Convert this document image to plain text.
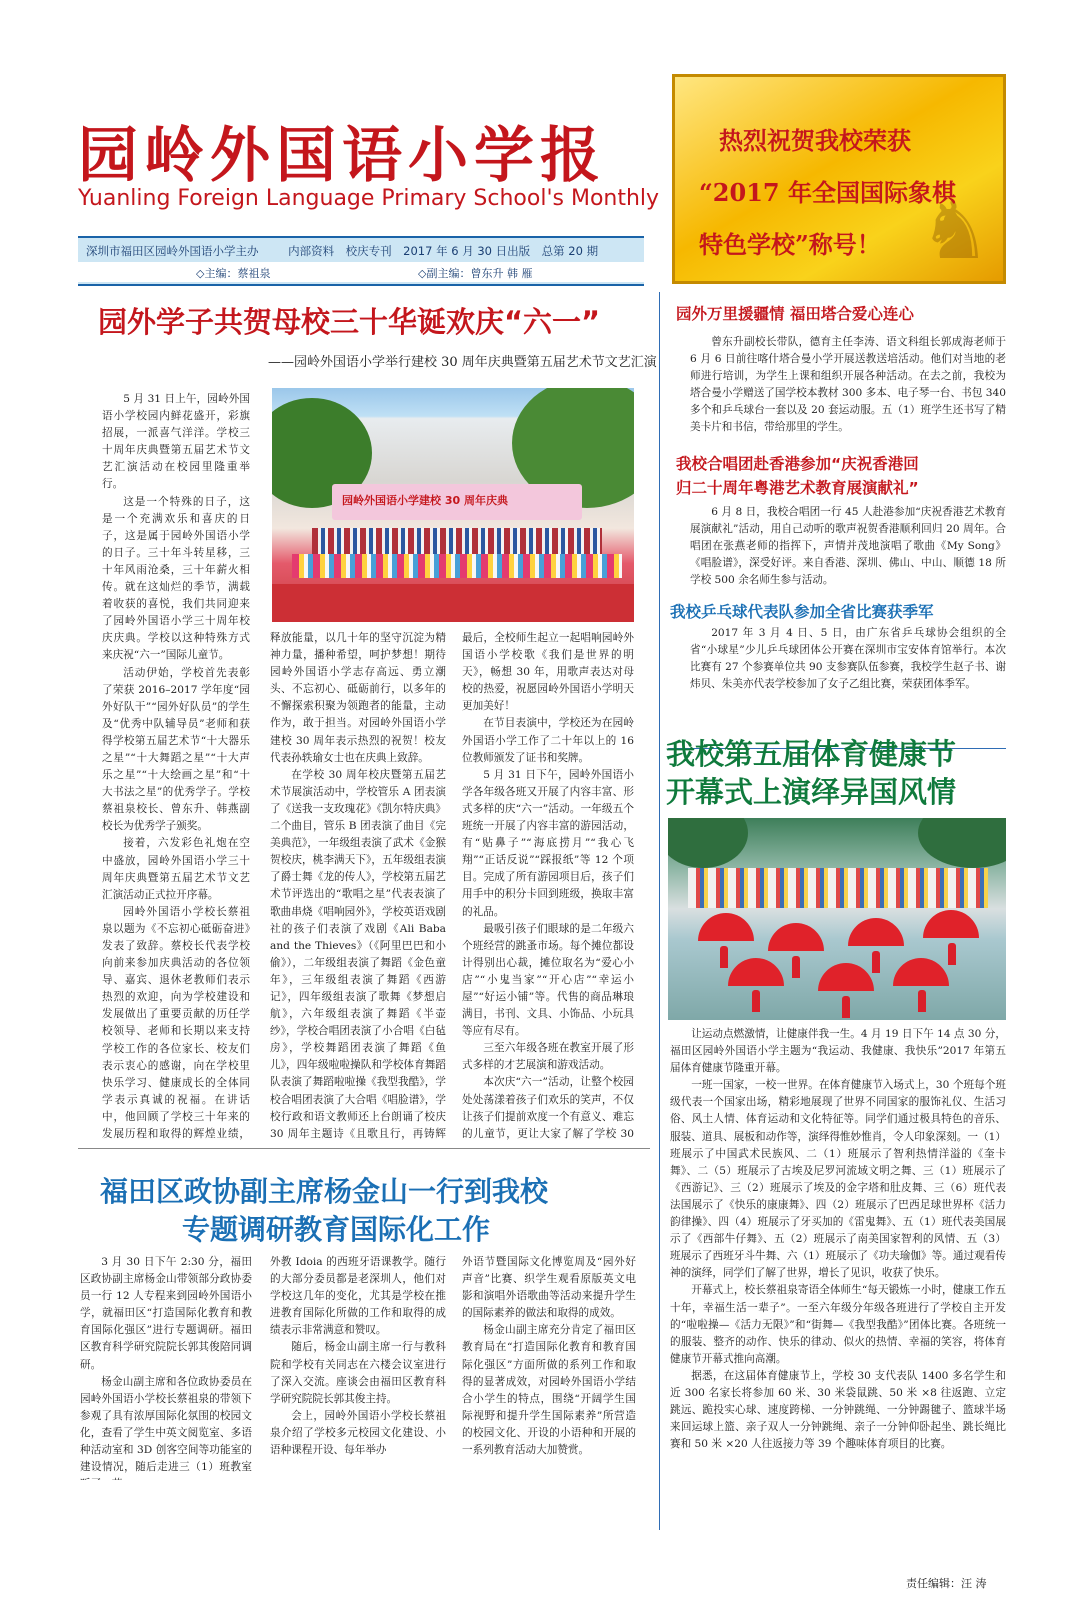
园岭外国语小学报
Yuanling Foreign Language Primary School's Monthly
深圳市福田区园岭外国语小学主办	内部资料　校庆专刊　2017 年 6 月 30 日出版　总第 20 期
◇主编：蔡祖泉	◇副主编：曾东升 韩 雁	♞
热烈祝贺我校荣获
“2017 年全国国际象棋
特色学校”称号！
园外学子共贺母校三十华诞欢庆“六一”
——园岭外国语小学举行建校 30 周年庆典暨第五届艺术节文艺汇演
园岭外国语小学建校 30 周年庆典

5 月 31 日上午，园岭外国语小学校园内鲜花盛开，彩旗招展，一派喜气洋洋。学校三十周年庆典暨第五届艺术节文艺汇演活动在校园里隆重举行。

这是一个特殊的日子，这是一个充满欢乐和喜庆的日子，这是属于园岭外国语小学的日子。三十年斗转星移，三十年风雨沧桑，三十年薪火相传。就在这灿烂的季节，满载着收获的喜悦，我们共同迎来了园岭外国语小学三十周年校庆庆典。学校以这种特殊方式来庆祝“六一”国际儿童节。

活动伊始，学校首先表彰了荣获 2016–2017 学年度“园外好队干”“园外好队员”的学生及“优秀中队辅导员”老师和获得学校第五届艺术节“十大器乐之星”“十大舞蹈之星”“十大声乐之星”“十大绘画之星”和“十大书法之星”的优秀学子。学校蔡祖泉校长、曾东升、韩燕副校长为优秀学子颁奖。

接着，六发彩色礼炮在空中盛放，园岭外国语小学三十周年庆典暨第五届艺术节文艺汇演活动正式拉开序幕。

园岭外国语小学校长蔡祖泉以题为《不忘初心砥砺奋进》发表了致辞。蔡校长代表学校向前来参加庆典活动的各位领导、嘉宾、退休老教师们表示热烈的欢迎，向为学校建设和发展做出了重要贡献的历任学校领导、老师和长期以来支持学校工作的各位家长、校友们表示衷心的感谢，向在学校里快乐学习、健康成长的全体同学表示真诚的祝福。在讲话中，他回顾了学校三十年来的发展历程和取得的辉煌业绩，

释放能量，以几十年的坚守沉淀为精神力量，播种希望，呵护梦想！期待园岭外国语小学志存高远、勇立潮头、不忘初心、砥砺前行，以多年的不懈探索积聚为领跑者的能量，主动作为，敢于担当。对园岭外国语小学建校 30 周年表示热烈的祝贺！校友代表孙轶瑜女士也在庆典上致辞。

在学校 30 周年校庆暨第五届艺术节展演活动中，学校管乐 A 团表演了《送我一支玫瑰花》《凯尔特庆典》二个曲目，管乐 B 团表演了曲目《完美典范》，一年级组表演了武术《金猴贺校庆，桃李满天下》，五年级组表演了爵士舞《龙的传人》，学校第五届艺术节评选出的“歌唱之星”代表表演了歌曲串烧《唱响园外》，学校英语戏剧社的孩子们表演了戏剧《Ali Baba and the Thieves》（《阿里巴巴和小偷》），二年级组表演了舞蹈《金色童年》，三年级组表演了舞蹈《西游记》，四年级组表演了歌舞《梦想启航》，六年级组表演了舞蹈《半壶纱》，学校合唱团表演了小合唱《白毡房》，学校舞蹈团表演了舞蹈《鱼儿》，四年级啦啦操队和学校体育舞蹈队表演了舞蹈啦啦操《我型我酷》，学校合唱团表演了大合唱《唱脸谱》，学校行政和语文教师还上台朗诵了校庆 30 周年主题诗《且歌且行，再铸辉

最后，全校师生起立一起唱响园岭外国语小学校歌《我们是世界的明天》，畅想 30 年，用歌声表达对母校的热爱，祝愿园岭外国语小学明天更加美好！

在节目表演中，学校还为在园岭外国语小学工作了二十年以上的 16 位教师颁发了证书和奖牌。

5 月 31 日下午，园岭外国语小学各年级各班又开展了内容丰富、形式多样的庆“六一”活动。一年级五个班统一开展了内容丰富的游园活动，有“贴鼻子”“海底捞月”“我心飞翔”“正话反说”“踩报纸”等 12 个项目。完成了所有游园项目后，孩子们用手中的积分卡回到班级，换取丰富的礼品。

最吸引孩子们眼球的是二年级六个班经营的跳蚤市场。每个摊位都设计得别出心裁，摊位取名为“爱心小店”“小鬼当家”“开心店”“幸运小屋”“好运小铺”等。代售的商品琳琅满目，书刊、文具、小饰品、小玩具等应有尽有。

三至六年级各班在教室开展了形式多样的才艺展演和游戏活动。

本次庆“六一”活动，让整个校园处处荡漾着孩子们欢乐的笑声，不仅让孩子们提前欢度一个有意义、难忘的儿童节，更让大家了解了学校 30

园外万里援疆情 福田塔合爱心连心

曾东升副校长带队，德育主任李涛、语文科组长郭成海老师于 6 月 6 日前往喀什塔合曼小学开展送教送培活动。他们对当地的老师进行培训，为学生上课和组织开展各种活动。在去之前，我校为塔合曼小学赠送了国学校本教材 300 多本、电子琴一台、书包 340 多个和乒乓球台一套以及 20 套运动服。五（1）班学生还书写了精美卡片和书信，带给那里的学生。

我校合唱团赴香港参加“庆祝香港回
归二十周年粤港艺术教育展演献礼”

6 月 8 日，我校合唱团一行 45 人赴港参加“庆祝香港艺术教育展演献礼”活动，用自己动听的歌声祝贺香港顺利回归 20 周年。合唱团在张燕老师的指挥下，声情并茂地演唱了歌曲《My Song》《唱脸谱》，深受好评。来自香港、深圳、佛山、中山、顺德 18 所学校 500 余名师生参与活动。

我校乒乓球代表队参加全省比赛获季军

2017 年 3 月 4 日、5 日，由广东省乒乓球协会组织的全省“小球星”少儿乒乓球团体公开赛在深圳市宝安体育馆举行。本次比赛有 27 个参赛单位共 90 支参赛队伍参赛，我校学生赵子书、谢炜贝、朱美亦代表学校参加了女子乙组比赛，荣获团体季军。

我校第五届体育健康节
开幕式上演绎异国风情

让运动点燃激情，让健康伴我一生。4 月 19 日下午 14 点 30 分，福田区园岭外国语小学主题为“我运动、我健康、我快乐”2017 年第五届体育健康节隆重开幕。

一班一国家，一校一世界。在体育健康节入场式上，30 个班每个班级代表一个国家出场，精彩地展现了世界不同国家的服饰礼仪、生活习俗、风土人情、体育运动和文化特征等。同学们通过极具特色的音乐、服装、道具、展板和动作等，演绎得惟妙惟肖，令人印象深刻。一（1）班展示了中国武术民族风、二（1）班展示了智利热情洋溢的《奎卡舞》、二（5）班展示了古埃及尼罗河流域文明之舞、三（1）班展示了《西游记》、三（2）班展示了埃及的金字塔和肚皮舞、三（6）班代表法国展示了《快乐的康康舞》、四（2）班展示了巴西足球世界杯《活力韵律操》、四（4）班展示了牙买加的《雷鬼舞》、五（1）班代表美国展示了《西部牛仔舞》、五（2）班展示了南美国家智利的风情、五（3）班展示了西班牙斗牛舞、六（1）班展示了《功夫瑜伽》等。通过观看传神的演绎，同学们了解了世界，增长了见识，收获了快乐。

开幕式上，校长蔡祖泉寄语全体师生“每天锻炼一小时，健康工作五十年，幸福生活一辈子”。一至六年级分年级各班进行了学校自主开发的“啦啦操—《活力无限》”和“街舞—《我型我酷》”团体比赛。各班统一的服装、整齐的动作、快乐的律动、似火的热情、幸福的笑容，将体育健康节开幕式推向高潮。

据悉，在这届体育健康节上，学校 30 支代表队 1400 多名学生和近 300 名家长将参加 60 米、30 米袋鼠跳、50 米 ×8 往返跑、立定跳远、跪投实心球、速度跨梯、一分钟跳绳、一分钟踢毽子、篮球半场来回运球上篮、亲子双人一分钟跳绳、亲子一分钟仰卧起坐、跳长绳比赛和 50 米 ×20 人往返接力等 39 个趣味体育项目的比赛。

福田区政协副主席杨金山一行到我校
专题调研教育国际化工作

3 月 30 日下午 2:30 分，福田区政协副主席杨金山带领部分政协委员一行 12 人专程来到园岭外国语小学，就福田区“打造国际化教育和教育国际化强区”进行专题调研。福田区教育科学研究院院长郭其俊陪同调研。

杨金山副主席和各位政协委员在园岭外国语小学校长蔡祖泉的带领下参观了具有浓厚国际化氛围的校园文化，查看了学生中英文阅览室、多语种活动室和 3D 创客空间等功能室的建设情况，随后走进三（1）班教室

外教 Idoia 的西班牙语课教学。随行的大部分委员都是老深圳人，他们对学校这几年的变化，尤其是学校在推进教育国际化所做的工作和取得的成绩表示非常满意和赞叹。

随后，杨金山副主席一行与教科院和学校有关同志在六楼会议室进行了深入交流。座谈会由福田区教育科学研究院院长郭其俊主持。

会上，园岭外国语小学校长蔡祖泉介绍了学校多元校园文化建设、小语种课程开设、每年举办

外语节暨国际文化博览周及“园外好声音”比赛、织学生观看原版英文电影和演唱外语歌曲等活动来提升学生的国际素养的做法和取得的成效。

杨金山副主席充分肯定了福田区教育局在“打造国际化教育和教育国际化强区”方面所做的系列工作和取得的显著成效，对园岭外国语小学结合小学生的特点，围绕“开阔学生国际视野和提升学生国际素养”所营造的校园文化、开设的小语种和开展的一系列教育活动大加赞赏。

责任编辑：汪 涛
